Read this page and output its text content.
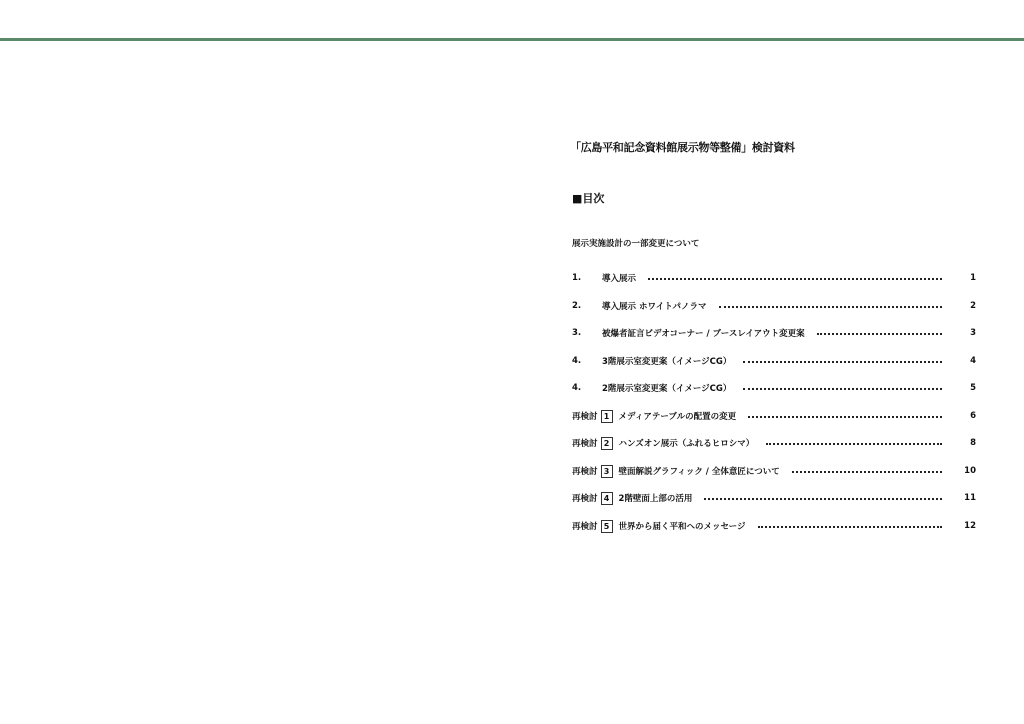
「広島平和記念資料館展示物等整備」検討資料
■目次
展示実施設計の一部変更について
1.	導入展示	1
2.	導入展示 ホワイトパノラマ	2
3.	被爆者証言ビデオコーナー / ブースレイアウト変更案	3
4.	3階展示室変更案（イメージCG）	4
4.	2階展示室変更案（イメージCG）	5
再検討 1	メディアテーブルの配置の変更	6
再検討 2	ハンズオン展示（ふれるヒロシマ）	8
再検討 3	壁面解説グラフィック / 全体意匠について	10
再検討 4	2階壁面上部の活用	11
再検討 5	世界から届く平和へのメッセージ	12
